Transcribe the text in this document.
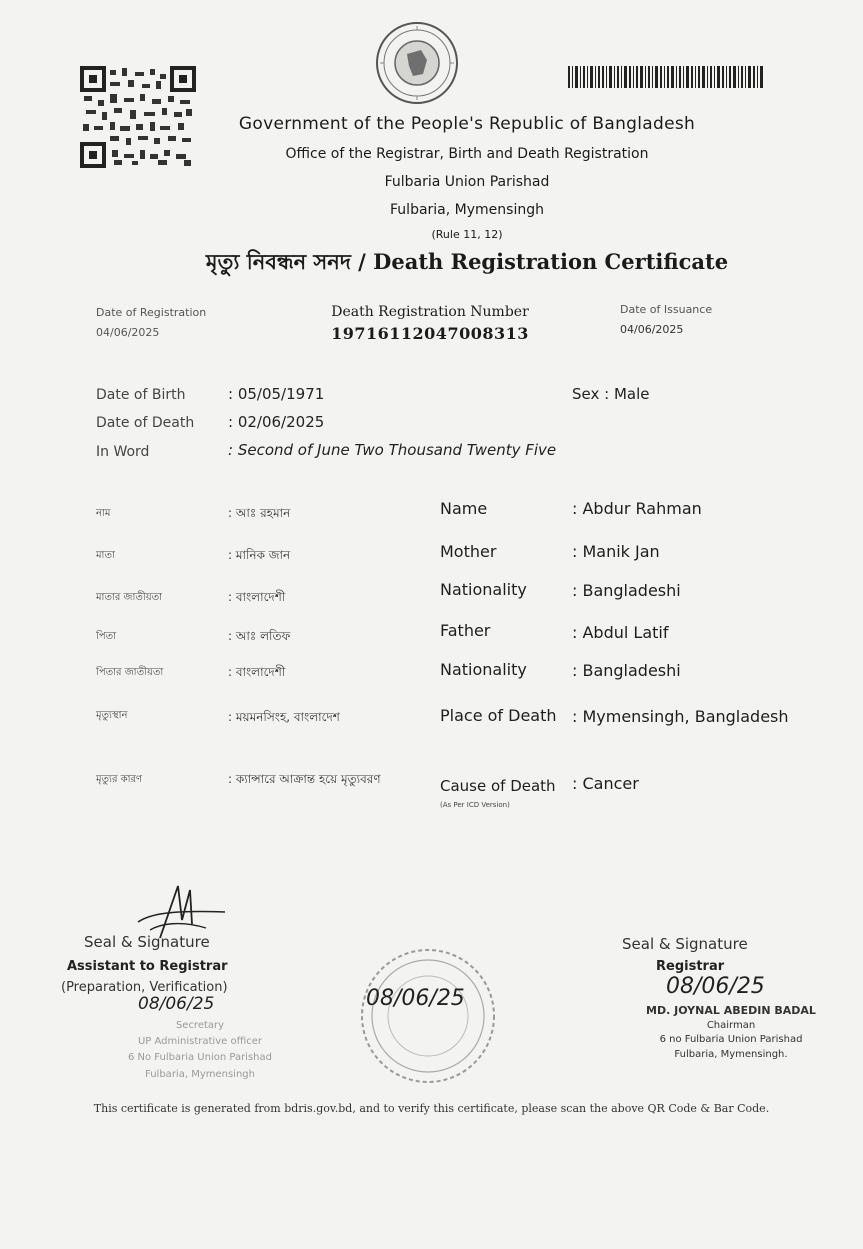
Government of the People's Republic of Bangladesh
Office of the Registrar, Birth and Death Registration
Fulbaria Union Parishad
Fulbaria, Mymensingh
(Rule 11, 12)
মৃত্যু নিবন্ধন সনদ / Death Registration Certificate
Date of Registration
04/06/2025
Death Registration Number
19716112047008313
Date of Issuance
04/06/2025
Date of Birth	: 05/05/1971	Sex : Male
Date of Death : 02/06/2025
In Word	: Second of June Two Thousand Twenty Five
নাম	: আঃ রহমান	Name	: Abdur Rahman
মাতা	: মানিক জান	Mother	: Manik Jan
মাতার জাতীয়তা	: বাংলাদেশী	Nationality	: Bangladeshi
পিতা	: আঃ লতিফ	Father	: Abdul Latif
পিতার জাতীয়তা	: বাংলাদেশী	Nationality	: Bangladeshi
মৃত্যুস্থান	: ময়মনসিংহ, বাংলাদেশ	Place of Death : Mymensingh, Bangladesh
মৃত্যুর কারণ	: ক্যান্সারে আক্রান্ত হয়ে মৃত্যুবরণ	Cause of Death : Cancer
(As Per ICD Version)
Seal & Signature
Assistant to Registrar
(Preparation, Verification)
08/06/25
Secretary
UP Administrative officer
6 No Fulbaria Union Parishad
Fulbaria, Mymensingh
08/06/25
Seal & Signature
Registrar
08/06/25
MD. JOYNAL ABEDIN BADAL
Chairman
6 no Fulbaria Union Parishad
Fulbaria, Mymensingh.
This certificate is generated from bdris.gov.bd, and to verify this certificate, please scan the above QR Code & Bar Code.
